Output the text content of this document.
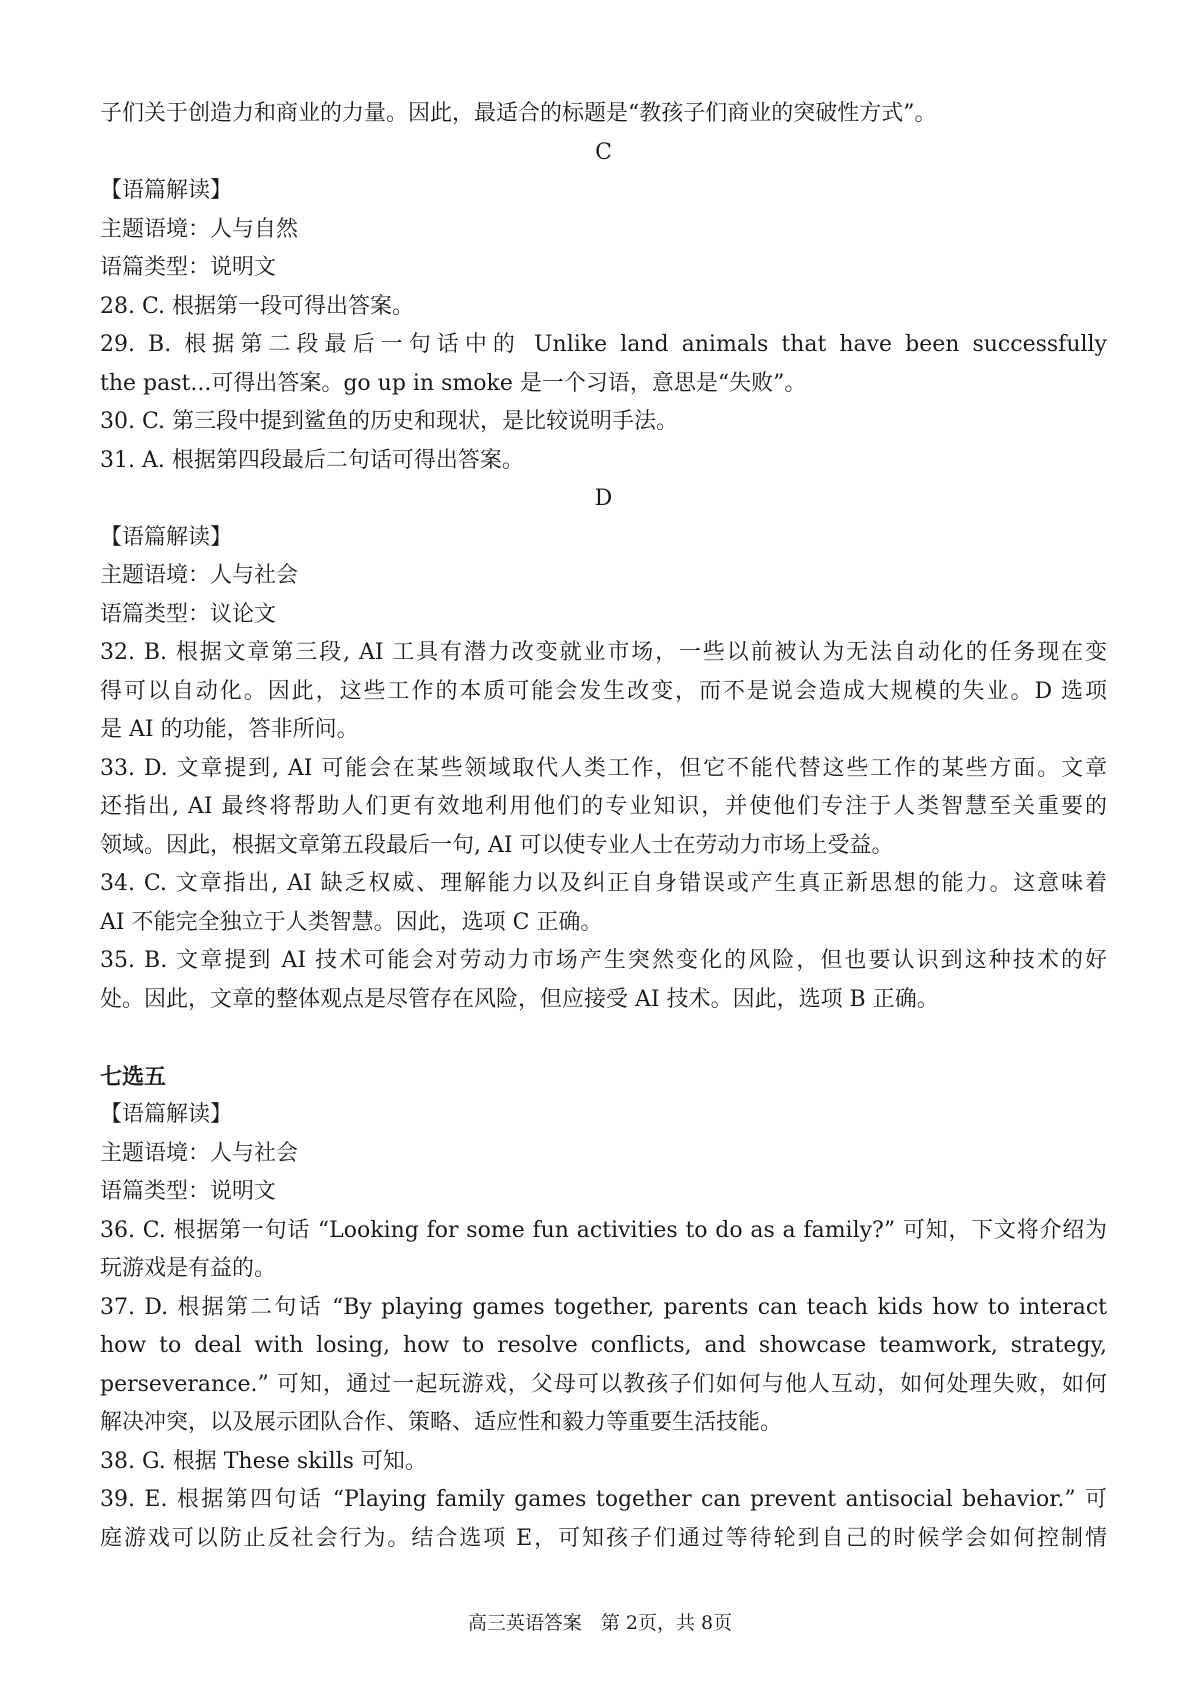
子们关于创造力和商业的力量。因此，最适合的标题是“教孩子们商业的突破性方式”。
C
【语篇解读】
主题语境：人与自然
语篇类型：说明文
28. C. 根据第一段可得出答案。
29. B. 根据第二段最后一句话中的 Unlike land animals that have been successfully
the past...可得出答案。go up in smoke 是一个习语，意思是“失败”。
30. C. 第三段中提到鲨鱼的历史和现状，是比较说明手法。
31. A. 根据第四段最后二句话可得出答案。
D
【语篇解读】
主题语境：人与社会
语篇类型：议论文
32. B. 根据文章第三段, AI 工具有潜力改变就业市场，一些以前被认为无法自动化的任务现在变
得可以自动化。因此，这些工作的本质可能会发生改变，而不是说会造成大规模的失业。D 选项
是 AI 的功能，答非所问。
33. D. 文章提到, AI 可能会在某些领域取代人类工作，但它不能代替这些工作的某些方面。文章
还指出, AI 最终将帮助人们更有效地利用他们的专业知识，并使他们专注于人类智慧至关重要的
领域。因此，根据文章第五段最后一句, AI 可以使专业人士在劳动力市场上受益。
34. C. 文章指出, AI 缺乏权威、理解能力以及纠正自身错误或产生真正新思想的能力。这意味着
AI 不能完全独立于人类智慧。因此，选项 C 正确。
35. B. 文章提到 AI 技术可能会对劳动力市场产生突然变化的风险，但也要认识到这种技术的好
处。因此，文章的整体观点是尽管存在风险，但应接受 AI 技术。因此，选项 B 正确。
七选五
【语篇解读】
主题语境：人与社会
语篇类型：说明文
36. C. 根据第一句话 “Looking for some fun activities to do as a family?” 可知，下文将介绍为
玩游戏是有益的。
37. D. 根据第二句话 “By playing games together, parents can teach kids how to interact
how to deal with losing, how to resolve conflicts, and showcase teamwork, strategy,
perseverance.” 可知，通过一起玩游戏，父母可以教孩子们如何与他人互动，如何处理失败，如何
解决冲突，以及展示团队合作、策略、适应性和毅力等重要生活技能。
38. G. 根据 These skills 可知。
39. E. 根据第四句话 “Playing family games together can prevent antisocial behavior.” 可
庭游戏可以防止反社会行为。结合选项 E，可知孩子们通过等待轮到自己的时候学会如何控制情
高三英语答案　第 2页，共 8页
